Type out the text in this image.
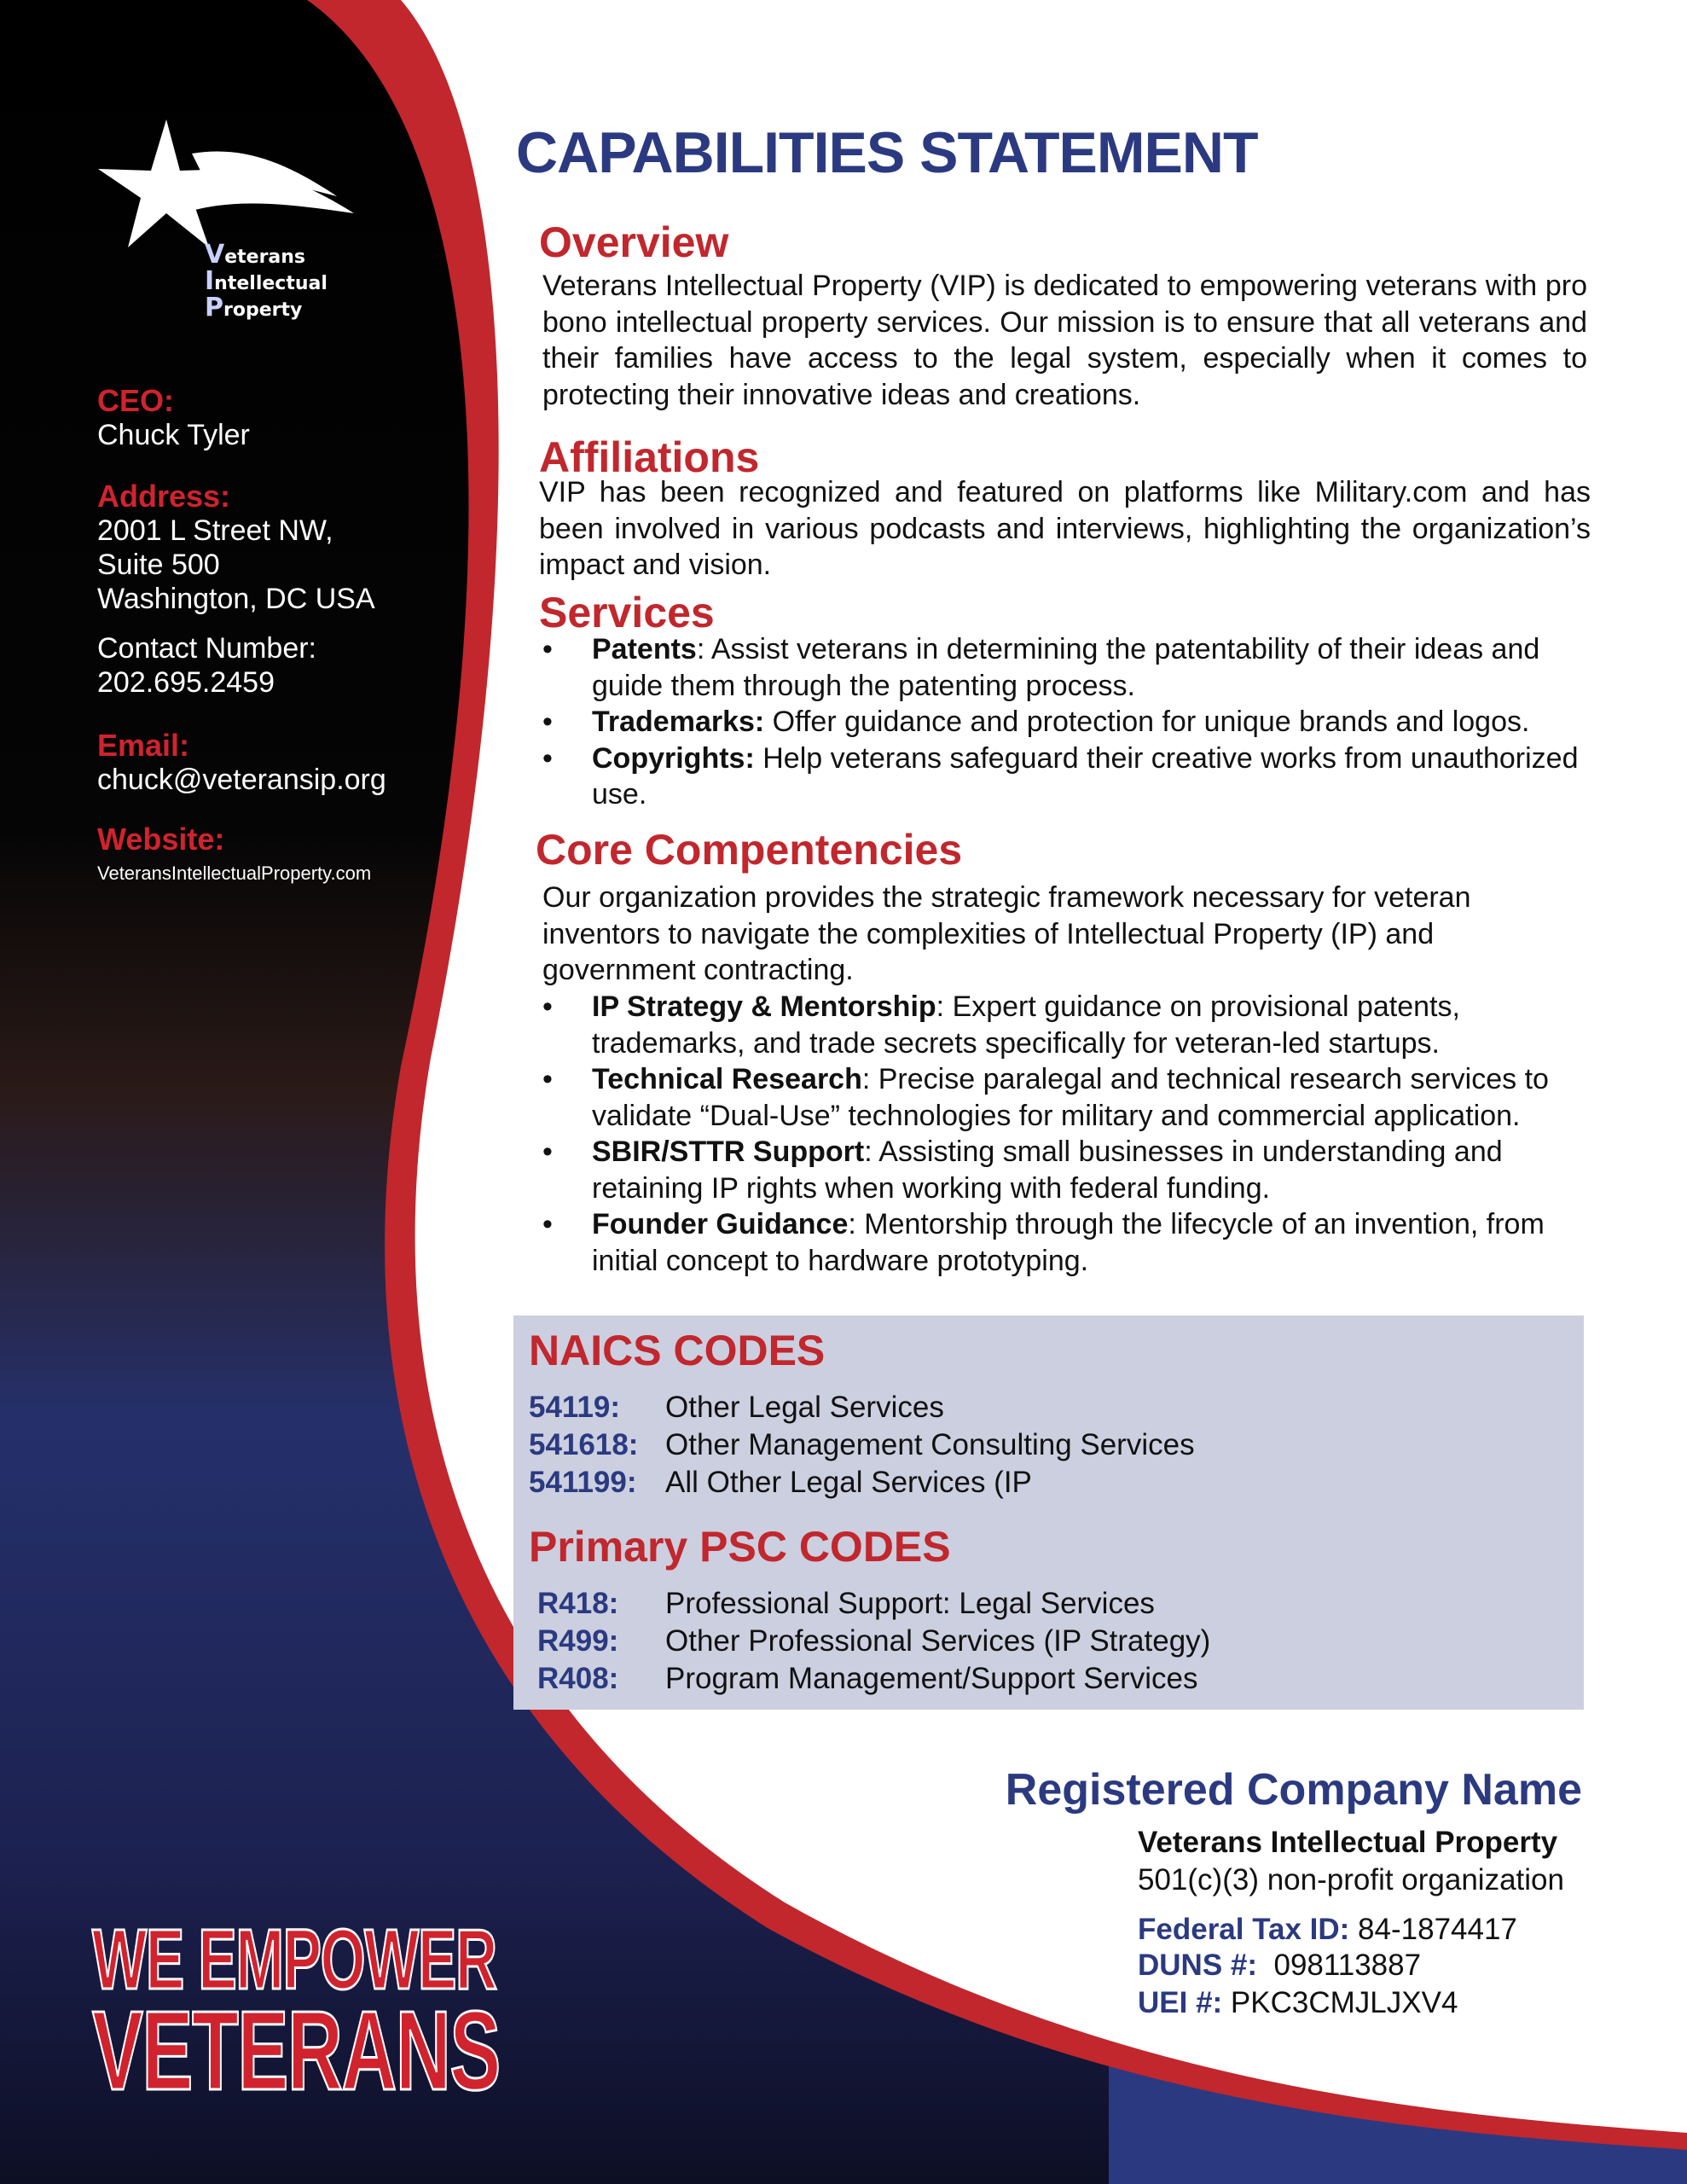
Veterans
Intellectual
Property
CEO:
Chuck Tyler
Address:
2001 L Street NW,
Suite 500
Washington, DC USA
Contact Number:
202.695.2459
Email:
chuck@veteransip.org
Website:
VeteransIntellectualProperty.com
WE EMPOWER
VETERANS
CAPABILITIES STATEMENT
Overview
Veterans Intellectual Property (VIP) is dedicated to empowering veterans with pro bono intellectual property services. Our mission is to ensure that all veterans and their families have access to the legal system, especially when it comes to protecting their innovative ideas and creations.
Affiliations
VIP has been recognized and featured on platforms like Military.com and has been involved in various podcasts and interviews, highlighting the organization’s impact and vision.
Services
• Patents: Assist veterans in determining the patentability of their ideas and guide them through the patenting process.
• Trademarks: Offer guidance and protection for unique brands and logos.
• Copyrights: Help veterans safeguard their creative works from unauthorized use.
Core Compentencies
Our organization provides the strategic framework necessary for veteran inventors to navigate the complexities of Intellectual Property (IP) and government contracting.
• IP Strategy & Mentorship: Expert guidance on provisional patents, trademarks, and trade secrets specifically for veteran-led startups.
• Technical Research: Precise paralegal and technical research services to validate “Dual-Use” technologies for military and commercial application.
• SBIR/STTR Support: Assisting small businesses in understanding and retaining IP rights when working with federal funding.
• Founder Guidance: Mentorship through the lifecycle of an invention, from initial concept to hardware prototyping.
NAICS CODES
54119:	Other Legal Services
541618: Other Management Consulting Services
541199: All Other Legal Services (IP
Primary PSC CODES
R418:	Professional Support: Legal Services
R499:	Other Professional Services (IP Strategy)
R408:	Program Management/Support Services
Registered Company Name
Veterans Intellectual Property
501(c)(3) non-profit organization
Federal Tax ID: 84-1874417
DUNS #:  098113887
UEI #: PKC3CMJLJXV4
